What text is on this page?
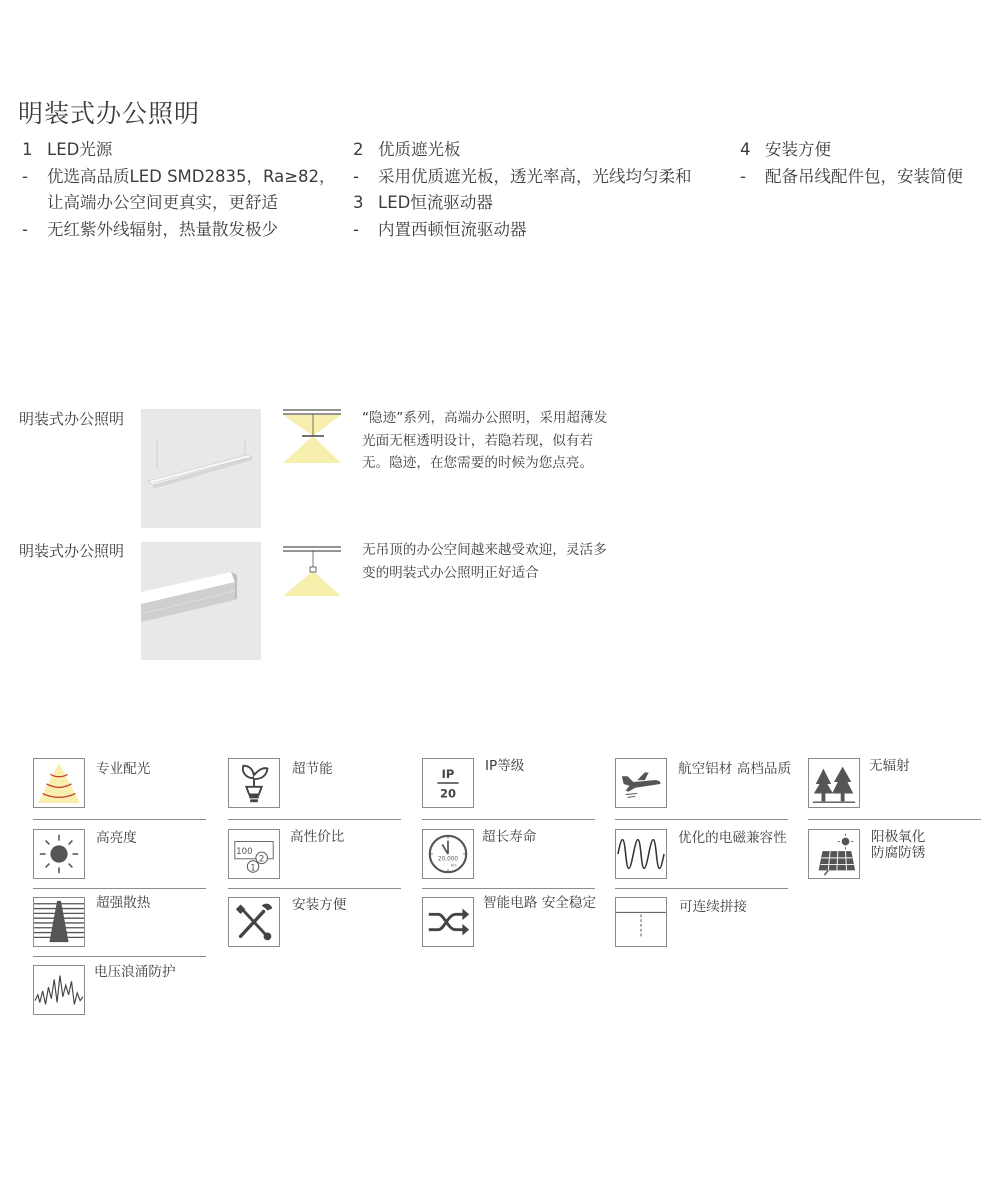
明装式办公照明
1 LED光源
-	优选高品质LED SMD2835，Ra≥82，
让高端办公空间更真实，更舒适
-	无红紫外线辐射，热量散发极少
2 优质遮光板
-	采用优质遮光板，透光率高，光线均匀柔和
3 LED恒流驱动器
-	内置西顿恒流驱动器
4 安装方便
-	配备吊线配件包，安装简便
明装式办公照明	“隐迹”系列，高端办公照明，采用超薄发
光面无框透明设计，若隐若现，似有若
无。隐迹，在您需要的时候为您点亮。
明装式办公照明	无吊顶的办公空间越来越受欢迎，灵活多
变的明装式办公照明正好适合
专业配光	超节能	IP
20
IP等级	航空铝材 高档品质	无辐射
高亮度
100
2
1
高性价比
20,000
hrs
超长寿命	优化的电磁兼容性	阳极氧化
防腐防锈
超强散热	安装方便	智能电路 安全稳定	可连续拼接
电压浪涌防护
